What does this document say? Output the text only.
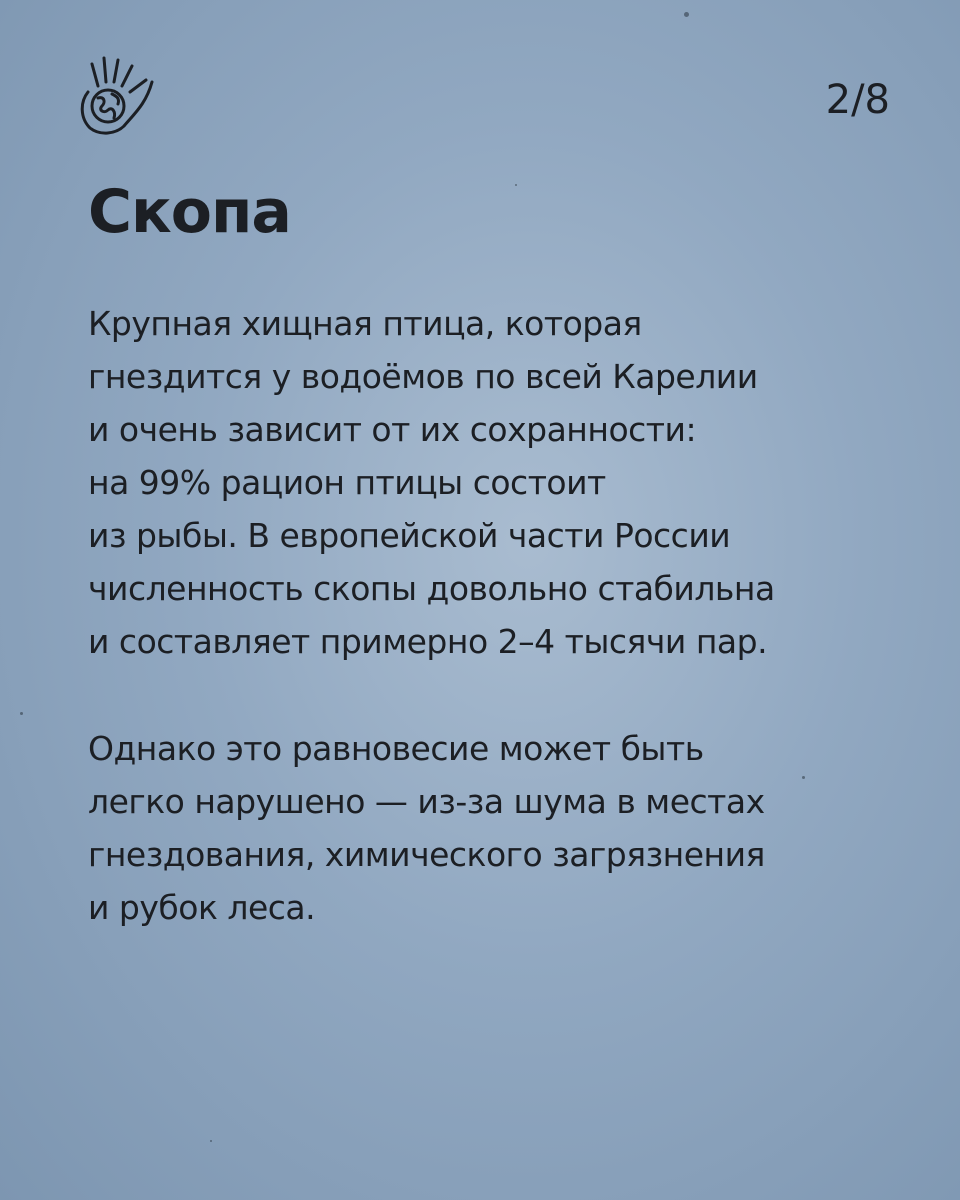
2/8
Скопа

Крупная хищная птица, которая
гнездится у водоёмов по всей Карелии
и очень зависит от их сохранности:
на 99% рацион птицы состоит
из рыбы. В европейской части России
численность скопы довольно стабильна
и составляет примерно 2–4 тысячи пар.

Однако это равновесие может быть
легко нарушено — из-за шума в местах
гнездования, химического загрязнения
и рубок леса.
